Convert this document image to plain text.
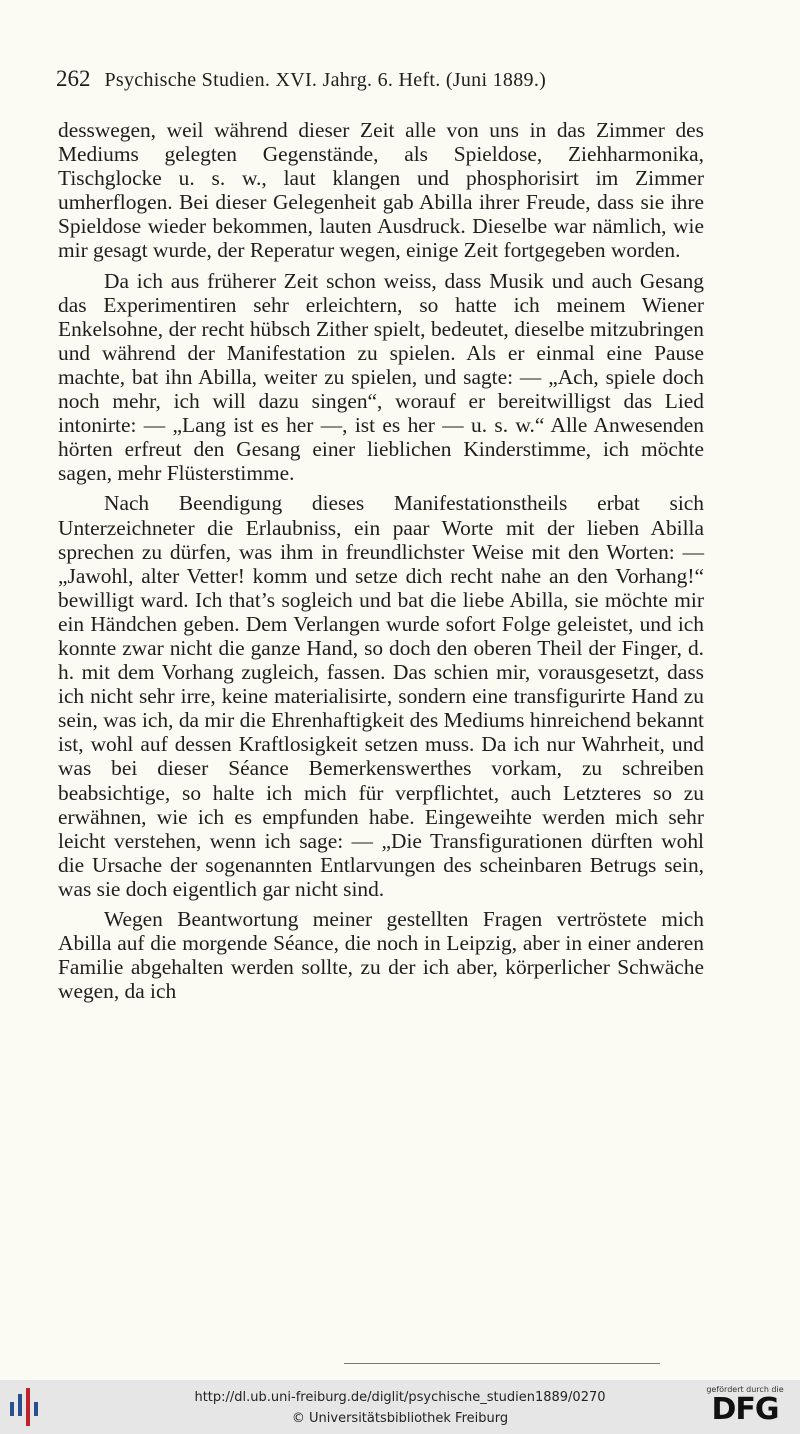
262 Psychische Studien. XVI. Jahrg. 6. Heft. (Juni 1889.)

desswegen, weil während dieser Zeit alle von uns in das Zimmer des Mediums gelegten Gegenstände, als Spieldose, Ziehharmonika, Tischglocke u. s. w., laut klangen und phosphorisirt im Zimmer umherflogen. Bei dieser Gelegenheit gab Abilla ihrer Freude, dass sie ihre Spieldose wieder bekommen, lauten Ausdruck. Dieselbe war nämlich, wie mir gesagt wurde, der Reperatur wegen, einige Zeit fortgegeben worden.

Da ich aus früherer Zeit schon weiss, dass Musik und auch Gesang das Experimentiren sehr erleichtern, so hatte ich meinem Wiener Enkelsohne, der recht hübsch Zither spielt, bedeutet, dieselbe mitzubringen und während der Manifestation zu spielen. Als er einmal eine Pause machte, bat ihn Abilla, weiter zu spielen, und sagte: — „Ach, spiele doch noch mehr, ich will dazu singen“, worauf er bereitwilligst das Lied intonirte: — „Lang ist es her —, ist es her — u. s. w.“ Alle Anwesenden hörten erfreut den Gesang einer lieblichen Kinderstimme, ich möchte sagen, mehr Flüsterstimme.

Nach Beendigung dieses Manifestationstheils erbat sich Unterzeichneter die Erlaubniss, ein paar Worte mit der lieben Abilla sprechen zu dürfen, was ihm in freundlichster Weise mit den Worten: — „Jawohl, alter Vetter! komm und setze dich recht nahe an den Vorhang!“ bewilligt ward. Ich that’s sogleich und bat die liebe Abilla, sie möchte mir ein Händchen geben. Dem Verlangen wurde sofort Folge geleistet, und ich konnte zwar nicht die ganze Hand, so doch den oberen Theil der Finger, d. h. mit dem Vorhang zugleich, fassen. Das schien mir, vorausgesetzt, dass ich nicht sehr irre, keine materialisirte, sondern eine transfigurirte Hand zu sein, was ich, da mir die Ehrenhaftigkeit des Mediums hinreichend bekannt ist, wohl auf dessen Kraftlosigkeit setzen muss. Da ich nur Wahrheit, und was bei dieser Séance Bemerkenswerthes vorkam, zu schreiben beabsichtige, so halte ich mich für verpflichtet, auch Letzteres so zu erwähnen, wie ich es empfunden habe. Eingeweihte werden mich sehr leicht verstehen, wenn ich sage: — „Die Transfigurationen dürften wohl die Ursache der sogenannten Entlarvungen des scheinbaren Betrugs sein, was sie doch eigentlich gar nicht sind.

Wegen Beantwortung meiner gestellten Fragen vertröstete mich Abilla auf die morgende Séance, die noch in Leipzig, aber in einer anderen Familie abgehalten werden sollte, zu der ich aber, körperlicher Schwäche wegen, da ich

http://dl.ub.uni-freiburg.de/diglit/psychische_studien1889/0270
© Universitätsbibliothek Freiburg
gefördert durch die
DFG
